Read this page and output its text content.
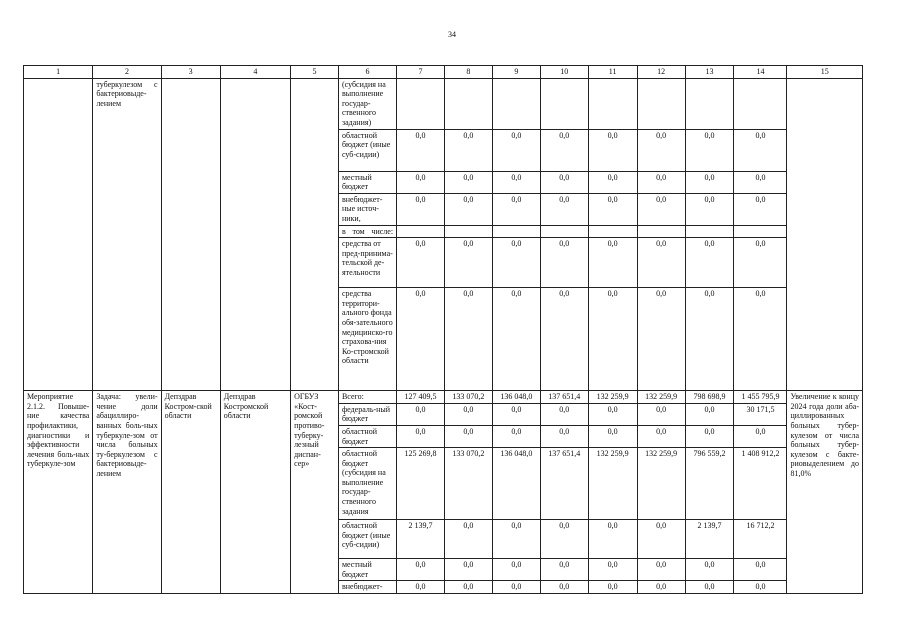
34
1	2	3	4	5	6	7	8	9	10	11	12	13	14	15
	туберкулезом с бактериовыде-лением				(субсидия на выполнение государ-ственного задания)									
					областной бюджет (иные суб-сидии)	0,0	0,0	0,0	0,0	0,0	0,0	0,0	0,0	
					местный бюджет	0,0	0,0	0,0	0,0	0,0	0,0	0,0	0,0	
					внебюджет-ные источ-ники,	0,0	0,0	0,0	0,0	0,0	0,0	0,0	0,0	
					в том числе:									
					средства от пред-принима-тельской де-ятельности	0,0	0,0	0,0	0,0	0,0	0,0	0,0	0,0	
					средства территори-ального фонда обя-зательного медицинско-го страхова-ния Ко-стромской области	0,0	0,0	0,0	0,0	0,0	0,0	0,0	0,0	
Мероприятие 2.1.2. Повыше-ние качества профилактики, диагностики и эффективности лечения боль-ных туберкуле-зом	Задача: увели-чение доли абациллиро-ванных боль-ных туберкуле-зом от числа больных ту-беркулезом с бактериовыде-лением	Депздрав Костром-ской области	Депздрав Костромской области	ОГБУЗ «Кост-ромской противо-туберку-лезный диспан-сер»	Всего:	127 409,5	133 070,2	136 048,0	137 651,4	132 259,9	132 259,9	798 698,9	1 455 795,9	Увеличение к концу 2024 года доли аба-циллированных больных тубер-кулезом от числа больных тубер-кулезом с бакте-риовыделением до 81,0%
					федераль-ный бюджет	0,0	0,0	0,0	0,0	0,0	0,0	0,0	30 171,5	
					областной бюджет	0,0	0,0	0,0	0,0	0,0	0,0	0,0	0,0	
					областной бюджет (субсидия на выполнение государ-ственного задания	125 269,8	133 070,2	136 048,0	137 651,4	132 259,9	132 259,9	796 559,2	1 408 912,2	
					областной бюджет (иные суб-сидии)	2 139,7	0,0	0,0	0,0	0,0	0,0	2 139,7	16 712,2	
					местный бюджет	0,0	0,0	0,0	0,0	0,0	0,0	0,0	0,0	
					внебюджет-	0,0	0,0	0,0	0,0	0,0	0,0	0,0	0,0	
